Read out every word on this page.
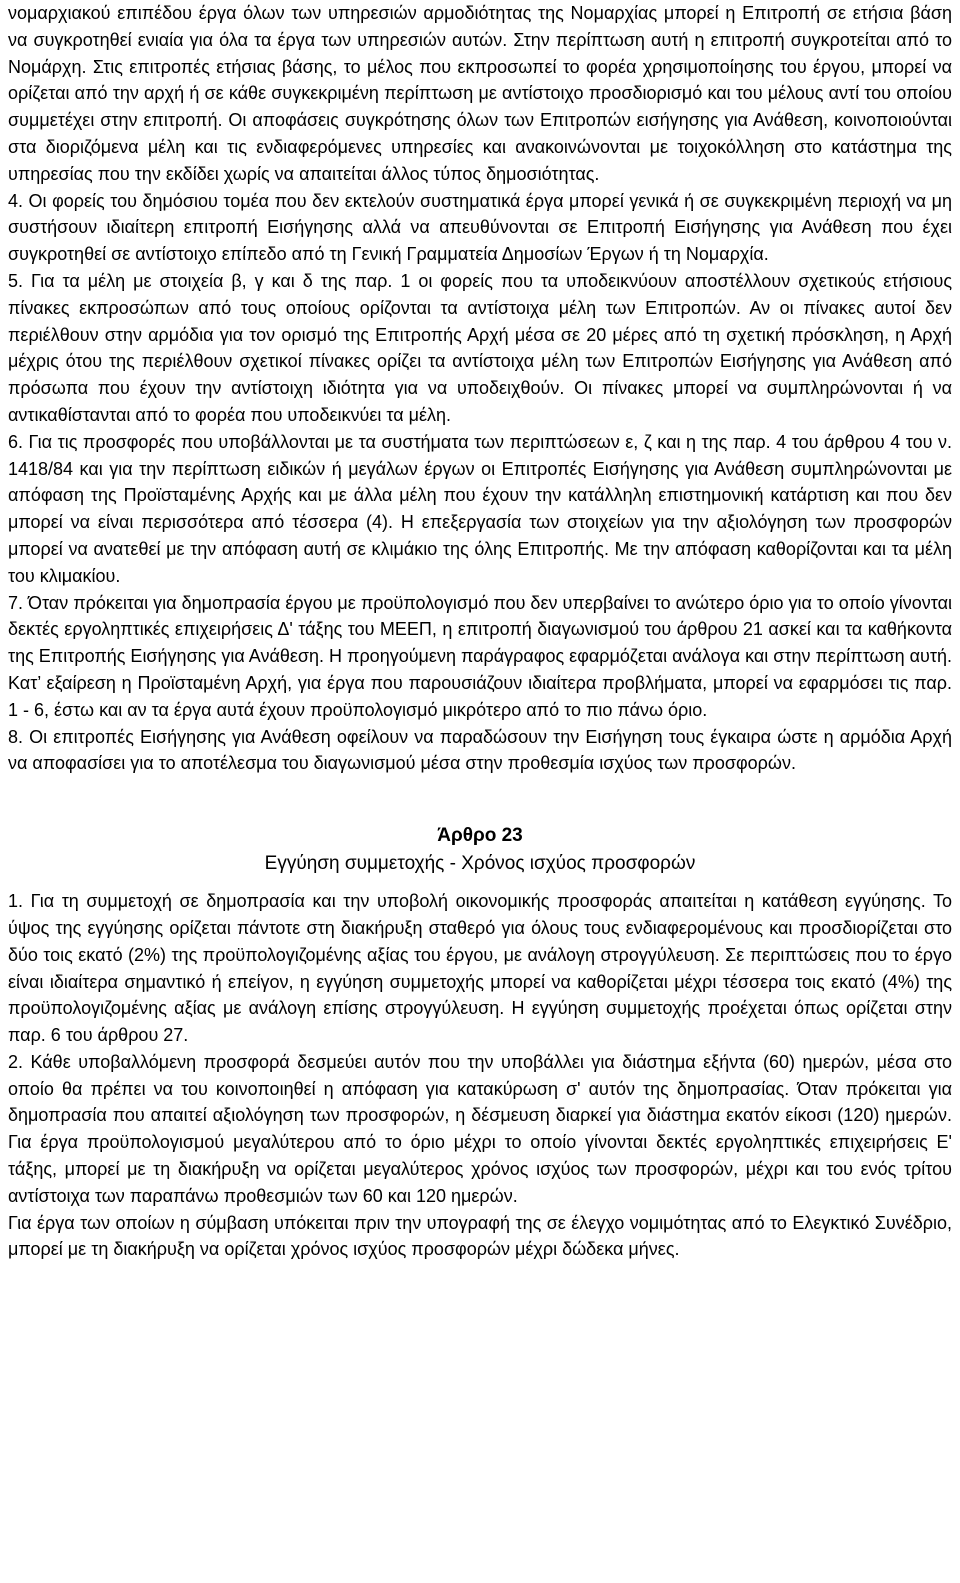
νομαρχιακού επιπέδου έργα όλων των υπηρεσιών αρμοδιότητας της Νομαρχίας μπορεί η Επιτροπή σε ετήσια βάση να συγκροτηθεί ενιαία για όλα τα έργα των υπηρεσιών αυτών. Στην περίπτωση αυτή η επιτροπή συγκροτείται από το Νομάρχη. Στις επιτροπές ετήσιας βάσης, το μέλος που εκπροσωπεί το φορέα χρησιμοποίησης του έργου, μπορεί να ορίζεται από την αρχή ή σε κάθε συγκεκριμένη περίπτωση με αντίστοιχο προσδιορισμό και του μέλους αντί του οποίου συμμετέχει στην επιτροπή. Οι αποφάσεις συγκρότησης όλων των Επιτροπών εισήγησης για Ανάθεση, κοινοποιούνται στα διοριζόμενα μέλη και τις ενδιαφερόμενες υπηρεσίες και ανακοινώνονται με τοιχοκόλληση στο κατάστημα της υπηρεσίας που την εκδίδει χωρίς να απαιτείται άλλος τύπος δημοσιότητας.

4. Οι φορείς του δημόσιου τομέα που δεν εκτελούν συστηματικά έργα μπορεί γενικά ή σε συγκεκριμένη περιοχή να μη συστήσουν ιδιαίτερη επιτροπή Εισήγησης αλλά να απευθύνονται σε Επιτροπή Εισήγησης για Ανάθεση που έχει συγκροτηθεί σε αντίστοιχο επίπεδο από τη Γενική Γραμματεία Δημοσίων Έργων ή τη Νομαρχία.

5. Για τα μέλη με στοιχεία β, γ και δ της παρ. 1 οι φορείς που τα υποδεικνύουν αποστέλλουν σχετικούς ετήσιους πίνακες εκπροσώπων από τους οποίους ορίζονται τα αντίστοιχα μέλη των Επιτροπών. Αν οι πίνακες αυτοί δεν περιέλθουν στην αρμόδια για τον ορισμό της Επιτροπής Αρχή μέσα σε 20 μέρες από τη σχετική πρόσκληση, η Αρχή μέχρις ότου της περιέλθουν σχετικοί πίνακες ορίζει τα αντίστοιχα μέλη των Επιτροπών Εισήγησης για Ανάθεση από πρόσωπα που έχουν την αντίστοιχη ιδιότητα για να υποδειχθούν. Οι πίνακες μπορεί να συμπληρώνονται ή να αντικαθίστανται από το φορέα που υποδεικνύει τα μέλη.

6. Για τις προσφορές που υποβάλλονται με τα συστήματα των περιπτώσεων ε, ζ και η της παρ. 4 του άρθρου 4 του ν. 1418/84 και για την περίπτωση ειδικών ή μεγάλων έργων οι Επιτροπές Εισήγησης για Ανάθεση συμπληρώνονται με απόφαση της Προϊσταμένης Αρχής και με άλλα μέλη που έχουν την κατάλληλη επιστημονική κατάρτιση και που δεν μπορεί να είναι περισσότερα από τέσσερα (4). Η επεξεργασία των στοιχείων για την αξιολόγηση των προσφορών μπορεί να ανατεθεί με την απόφαση αυτή σε κλιμάκιο της όλης Επιτροπής. Με την απόφαση καθορίζονται και τα μέλη του κλιμακίου.

7. Όταν πρόκειται για δημοπρασία έργου με προϋπολογισμό που δεν υπερβαίνει το ανώτερο όριο για το οποίο γίνονται δεκτές εργοληπτικές επιχειρήσεις Δ' τάξης του ΜΕΕΠ, η επιτροπή διαγωνισμού του άρθρου 21 ασκεί και τα καθήκοντα της Επιτροπής Εισήγησης για Ανάθεση. Η προηγούμενη παράγραφος εφαρμόζεται ανάλογα και στην περίπτωση αυτή. Κατ’ εξαίρεση η Προϊσταμένη Αρχή, για έργα που παρουσιάζουν ιδιαίτερα προβλήματα, μπορεί να εφαρμόσει τις παρ. 1 - 6, έστω και αν τα έργα αυτά έχουν προϋπολογισμό μικρότερο από το πιο πάνω όριο.

8. Οι επιτροπές Εισήγησης για Ανάθεση οφείλουν να παραδώσουν την Εισήγηση τους έγκαιρα ώστε η αρμόδια Αρχή να αποφασίσει για το αποτέλεσμα του διαγωνισμού μέσα στην προθεσμία ισχύος των προσφορών.

Άρθρο 23

Εγγύηση συμμετοχής - Χρόνος ισχύος προσφορών

1. Για τη συμμετοχή σε δημοπρασία και την υποβολή οικονομικής προσφοράς απαιτείται η κατάθεση εγγύησης. Το ύψος της εγγύησης ορίζεται πάντοτε στη διακήρυξη σταθερό για όλους τους ενδιαφερομένους και προσδιορίζεται στο δύο τοις εκατό (2%) της προϋπολογιζομένης αξίας του έργου, με ανάλογη στρογγύλευση. Σε περιπτώσεις που το έργο είναι ιδιαίτερα σημαντικό ή επείγον, η εγγύηση συμμετοχής μπορεί να καθορίζεται μέχρι τέσσερα τοις εκατό (4%) της προϋπολογιζομένης αξίας με ανάλογη επίσης στρογγύλευση. Η εγγύηση συμμετοχής προέχεται όπως ορίζεται στην παρ. 6 του άρθρου 27.

2. Κάθε υποβαλλόμενη προσφορά δεσμεύει αυτόν που την υποβάλλει για διάστημα εξήντα (60) ημερών, μέσα στο οποίο θα πρέπει να του κοινοποιηθεί η απόφαση για κατακύρωση σ' αυτόν της δημοπρασίας. Όταν πρόκειται για δημοπρασία που απαιτεί αξιολόγηση των προσφορών, η δέσμευση διαρκεί για διάστημα εκατόν είκοσι (120) ημερών. Για έργα προϋπολογισμού μεγαλύτερου από το όριο μέχρι το οποίο γίνονται δεκτές εργοληπτικές επιχειρήσεις Ε' τάξης, μπορεί με τη διακήρυξη να ορίζεται μεγαλύτερος χρόνος ισχύος των προσφορών, μέχρι και του ενός τρίτου αντίστοιχα των παραπάνω προθεσμιών των 60 και 120 ημερών.

Για έργα των οποίων η σύμβαση υπόκειται πριν την υπογραφή της σε έλεγχο νομιμότητας από το Ελεγκτικό Συνέδριο, μπορεί με τη διακήρυξη να ορίζεται χρόνος ισχύος προσφορών μέχρι δώδεκα μήνες.
